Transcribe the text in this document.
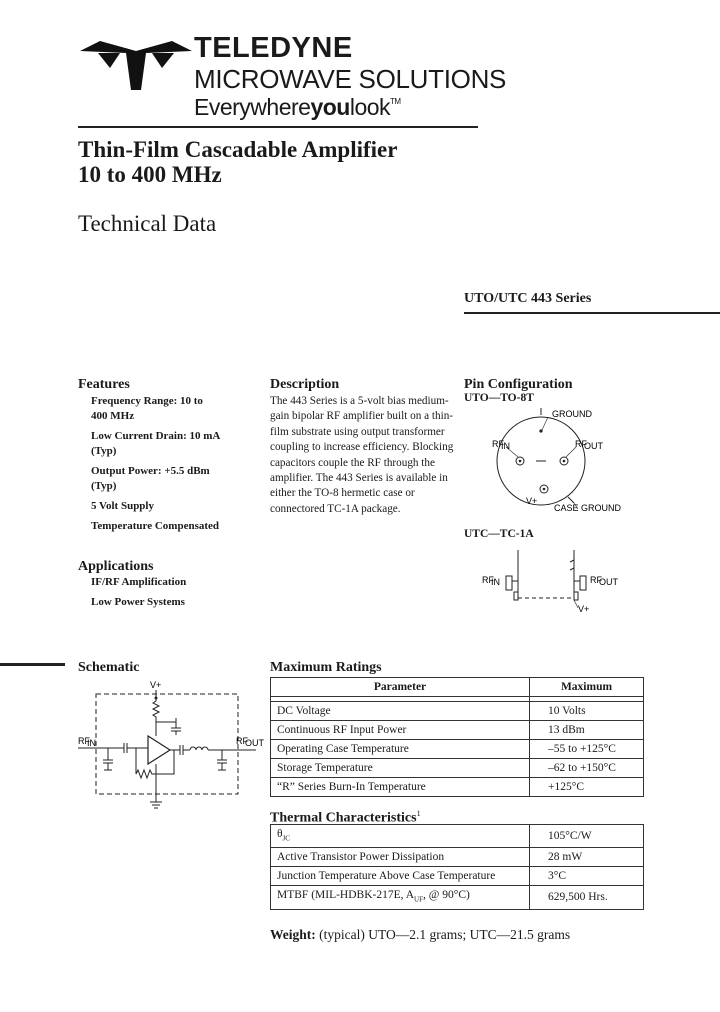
TELEDYNE
MICROWAVE SOLUTIONS
Everywhereyoulook™
Thin-Film Cascadable Amplifier
10 to 400 MHz
Technical Data
UTO/UTC 443 Series
Features
Frequency Range: 10 to
400 MHz
Low Current Drain: 10 mA
(Typ)
Output Power: +5.5 dBm
(Typ)
5 Volt Supply
Temperature Compensated
Applications
IF/RF Amplification
Low Power Systems
Description
The 443 Series is a 5-volt bias medium- gain bipolar RF amplifier built on a thin-film substrate using output transformer coupling to increase efficiency. Blocking capacitors couple the RF through the amplifier. The 443 Series is available in either the TO-8 hermetic case or connectored TC-1A package.
Pin Configuration
UTO—TO-8T
GROUND
RF
IN	RF
OUT
V+
CASE GROUND
UTC—TC-1A
RF
IN	RF
OUT
V+
Schematic
V+
RF
IN	RF
OUT
Maximum Ratings
Parameter	Maximum

DC Voltage	10 Volts
Continuous RF Input Power	13 dBm
Operating Case Temperature	–55 to +125°C
Storage Temperature	–62 to +150°C
“R” Series Burn-In Temperature	+125°C
Thermal Characteristics$^1$
$\theta_{JC}$	105°C/W
Active Transistor Power Dissipation	28 mW
Junction Temperature Above Case Temperature	3°C
MTBF (MIL-HDBK-217E, $A_{UF}$, @ 90°C)	629,500 Hrs.
Weight: (typical) UTO—2.1 grams; UTC—21.5 grams
